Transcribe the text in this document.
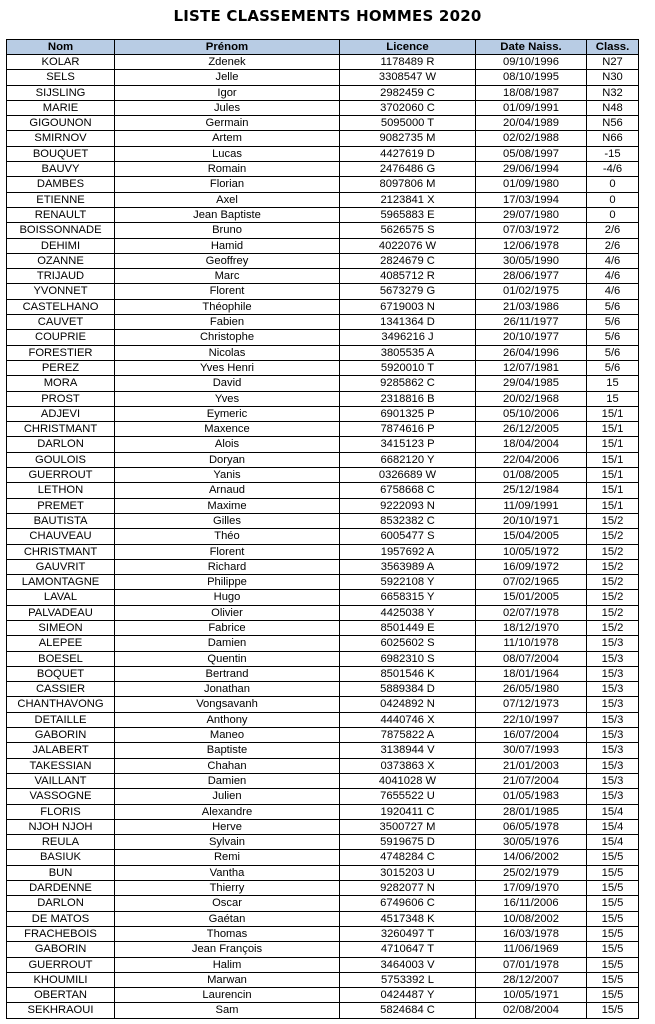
LISTE CLASSEMENTS HOMMES 2020
Nom	Prénom	Licence	Date Naiss.	Class.
KOLAR	Zdenek	1178489 R	09/10/1996	N27
SELS	Jelle	3308547 W	08/10/1995	N30
SIJSLING	Igor	2982459 C	18/08/1987	N32
MARIE	Jules	3702060 C	01/09/1991	N48
GIGOUNON	Germain	5095000 T	20/04/1989	N56
SMIRNOV	Artem	9082735 M	02/02/1988	N66
BOUQUET	Lucas	4427619 D	05/08/1997	-15
BAUVY	Romain	2476486 G	29/06/1994	-4/6
DAMBES	Florian	8097806 M	01/09/1980	0
ETIENNE	Axel	2123841 X	17/03/1994	0
RENAULT	Jean Baptiste	5965883 E	29/07/1980	0
BOISSONNADE	Bruno	5626575 S	07/03/1972	2/6
DEHIMI	Hamid	4022076 W	12/06/1978	2/6
OZANNE	Geoffrey	2824679 C	30/05/1990	4/6
TRIJAUD	Marc	4085712 R	28/06/1977	4/6
YVONNET	Florent	5673279 G	01/02/1975	4/6
CASTELHANO	Théophile	6719003 N	21/03/1986	5/6
CAUVET	Fabien	1341364 D	26/11/1977	5/6
COUPRIE	Christophe	3496216 J	20/10/1977	5/6
FORESTIER	Nicolas	3805535 A	26/04/1996	5/6
PEREZ	Yves Henri	5920010 T	12/07/1981	5/6
MORA	David	9285862 C	29/04/1985	15
PROST	Yves	2318816 B	20/02/1968	15
ADJEVI	Eymeric	6901325 P	05/10/2006	15/1
CHRISTMANT	Maxence	7874616 P	26/12/2005	15/1
DARLON	Alois	3415123 P	18/04/2004	15/1
GOULOIS	Doryan	6682120 Y	22/04/2006	15/1
GUERROUT	Yanis	0326689 W	01/08/2005	15/1
LETHON	Arnaud	6758668 C	25/12/1984	15/1
PREMET	Maxime	9222093 N	11/09/1991	15/1
BAUTISTA	Gilles	8532382 C	20/10/1971	15/2
CHAUVEAU	Théo	6005477 S	15/04/2005	15/2
CHRISTMANT	Florent	1957692 A	10/05/1972	15/2
GAUVRIT	Richard	3563989 A	16/09/1972	15/2
LAMONTAGNE	Philippe	5922108 Y	07/02/1965	15/2
LAVAL	Hugo	6658315 Y	15/01/2005	15/2
PALVADEAU	Olivier	4425038 Y	02/07/1978	15/2
SIMEON	Fabrice	8501449 E	18/12/1970	15/2
ALEPEE	Damien	6025602 S	11/10/1978	15/3
BOESEL	Quentin	6982310 S	08/07/2004	15/3
BOQUET	Bertrand	8501546 K	18/01/1964	15/3
CASSIER	Jonathan	5889384 D	26/05/1980	15/3
CHANTHAVONG	Vongsavanh	0424892 N	07/12/1973	15/3
DETAILLE	Anthony	4440746 X	22/10/1997	15/3
GABORIN	Maneo	7875822 A	16/07/2004	15/3
JALABERT	Baptiste	3138944 V	30/07/1993	15/3
TAKESSIAN	Chahan	0373863 X	21/01/2003	15/3
VAILLANT	Damien	4041028 W	21/07/2004	15/3
VASSOGNE	Julien	7655522 U	01/05/1983	15/3
FLORIS	Alexandre	1920411 C	28/01/1985	15/4
NJOH NJOH	Herve	3500727 M	06/05/1978	15/4
REULA	Sylvain	5919675 D	30/05/1976	15/4
BASIUK	Remi	4748284 C	14/06/2002	15/5
BUN	Vantha	3015203 U	25/02/1979	15/5
DARDENNE	Thierry	9282077 N	17/09/1970	15/5
DARLON	Oscar	6749606 C	16/11/2006	15/5
DE MATOS	Gaétan	4517348 K	10/08/2002	15/5
FRACHEBOIS	Thomas	3260497 T	16/03/1978	15/5
GABORIN	Jean François	4710647 T	11/06/1969	15/5
GUERROUT	Halim	3464003 V	07/01/1978	15/5
KHOUMILI	Marwan	5753392 L	28/12/2007	15/5
OBERTAN	Laurencin	0424487 Y	10/05/1971	15/5
SEKHRAOUI	Sam	5824684 C	02/08/2004	15/5
